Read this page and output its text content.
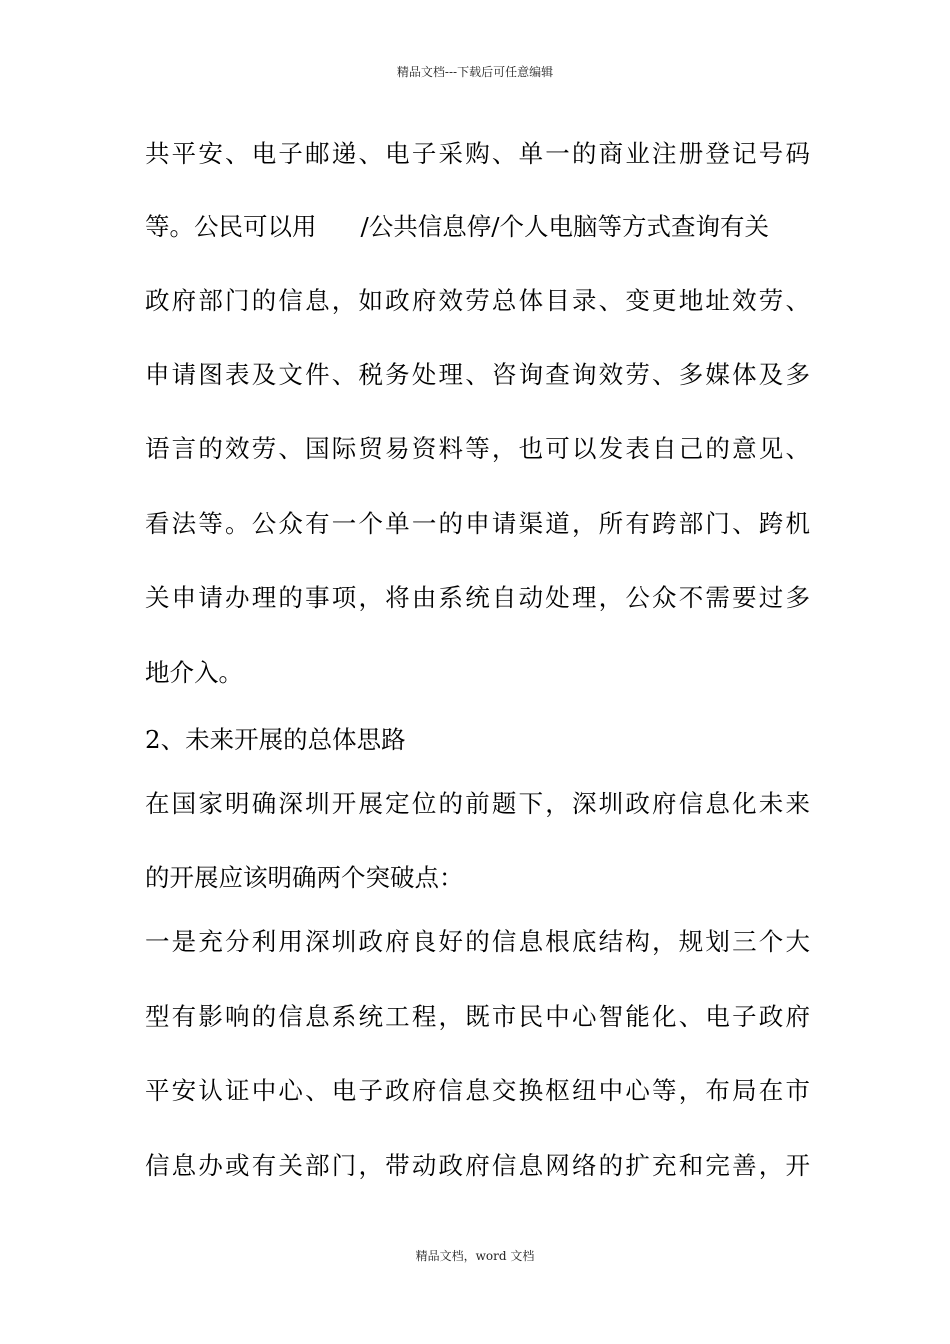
精品文档---下载后可任意编辑
共平安、电子邮递、电子采购、单一的商业注册登记号码
等。公民可以用 /公共信息停/个人电脑等方式查询有关
政府部门的信息，如政府效劳总体目录、变更地址效劳、
申请图表及文件、税务处理、咨询查询效劳、多媒体及多
语言的效劳、国际贸易资料等，也可以发表自己的意见、
看法等。公众有一个单一的申请渠道，所有跨部门、跨机
关申请办理的事项，将由系统自动处理，公众不需要过多
地介入。
2、未来开展的总体思路
在国家明确深圳开展定位的前题下，深圳政府信息化未来
的开展应该明确两个突破点：
一是充分利用深圳政府良好的信息根底结构，规划三个大
型有影响的信息系统工程，既市民中心智能化、电子政府
平安认证中心、电子政府信息交换枢纽中心等，布局在市
信息办或有关部门，带动政府信息网络的扩充和完善，开
精品文档，word 文档
